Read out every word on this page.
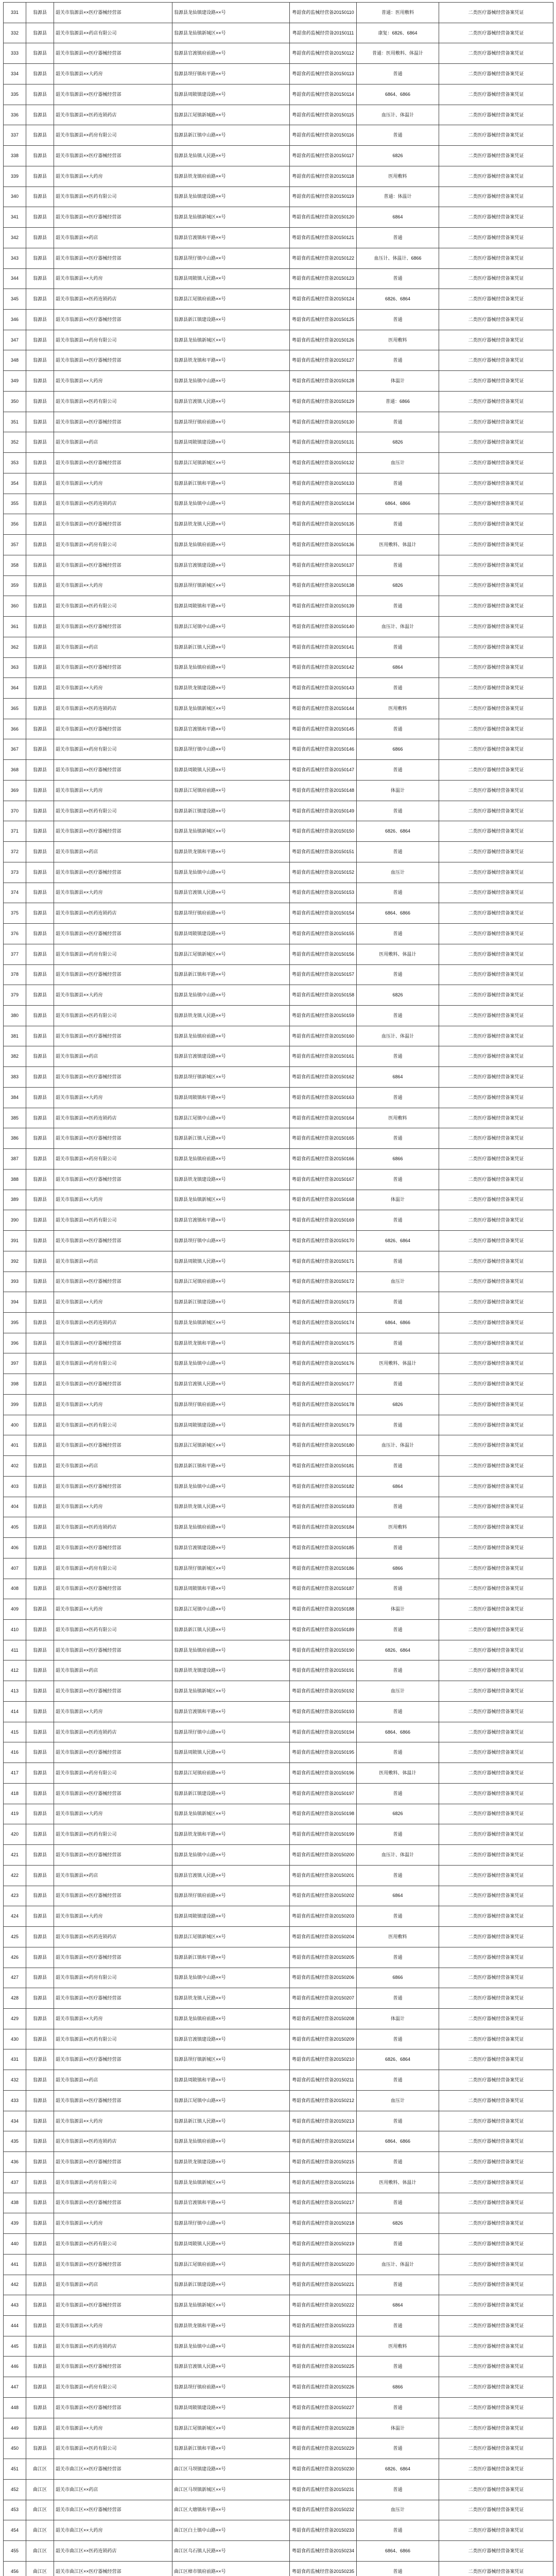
331	翁源县	韶关市翁源县××医疗器械经营部	翁源县龙仙镇建设路××号	粤韶食药监械经营备20150110	普通：医用敷料	二类医疗器械经营备案凭证
332	翁源县	韶关市翁源县××药店有限公司	翁源县龙仙镇新城区××号	粤韶食药监械经营备20150111	康复：6826、6864	二类医疗器械经营备案凭证
333	翁源县	韶关市翁源县××医疗器械经营部	翁源县官渡镇府前路××号	粤韶食药监械经营备20150112	普通：医用敷料、体温计	二类医疗器械经营备案凭证
334	翁源县	韶关市翁源县××大药房	翁源县坝仔镇和平路××号	粤韶食药监械经营备20150113	普通	二类医疗器械经营备案凭证
335	翁源县	韶关市翁源县××医疗器械经营部	翁源县周陂镇建设路××号	粤韶食药监械经营备20150114	6864、6866	二类医疗器械经营备案凭证
336	翁源县	韶关市翁源县××医药连锁药店	翁源县江尾镇新城路××号	粤韶食药监械经营备20150115	血压计、体温计	二类医疗器械经营备案凭证
337	翁源县	韶关市翁源县××药房有限公司	翁源县新江镇中山路××号	粤韶食药监械经营备20150116	普通	二类医疗器械经营备案凭证
338	翁源县	韶关市翁源县××医疗器械经营部	翁源县龙仙镇人民路××号	粤韶食药监械经营备20150117	6826	二类医疗器械经营备案凭证
339	翁源县	韶关市翁源县××大药房	翁源县铁龙镇府前路××号	粤韶食药监械经营备20150118	医用敷料	二类医疗器械经营备案凭证
340	翁源县	韶关市翁源县××医药有限公司	翁源县龙仙镇建设路××号	粤韶食药监械经营备20150119	普通：体温计	二类医疗器械经营备案凭证
341	翁源县	韶关市翁源县××医疗器械经营部	翁源县龙仙镇新城区××号	粤韶食药监械经营备20150120	6864	二类医疗器械经营备案凭证
342	翁源县	韶关市翁源县××药店	翁源县官渡镇和平路××号	粤韶食药监械经营备20150121	普通	二类医疗器械经营备案凭证
343	翁源县	韶关市翁源县××医疗器械经营部	翁源县坝仔镇中山路××号	粤韶食药监械经营备20150122	血压计、体温计、6866	二类医疗器械经营备案凭证
344	翁源县	韶关市翁源县××大药房	翁源县周陂镇人民路××号	粤韶食药监械经营备20150123	普通	二类医疗器械经营备案凭证
345	翁源县	韶关市翁源县××医药连锁药店	翁源县江尾镇府前路××号	粤韶食药监械经营备20150124	6826、6864	二类医疗器械经营备案凭证
346	翁源县	韶关市翁源县××医疗器械经营部	翁源县新江镇建设路××号	粤韶食药监械经营备20150125	普通	二类医疗器械经营备案凭证
347	翁源县	韶关市翁源县××药房有限公司	翁源县龙仙镇新城区××号	粤韶食药监械经营备20150126	医用敷料	二类医疗器械经营备案凭证
348	翁源县	韶关市翁源县××医疗器械经营部	翁源县铁龙镇和平路××号	粤韶食药监械经营备20150127	普通	二类医疗器械经营备案凭证
349	翁源县	韶关市翁源县××大药房	翁源县龙仙镇中山路××号	粤韶食药监械经营备20150128	体温计	二类医疗器械经营备案凭证
350	翁源县	韶关市翁源县××医药有限公司	翁源县官渡镇人民路××号	粤韶食药监械经营备20150129	普通：6866	二类医疗器械经营备案凭证
351	翁源县	韶关市翁源县××医疗器械经营部	翁源县坝仔镇府前路××号	粤韶食药监械经营备20150130	普通	二类医疗器械经营备案凭证
352	翁源县	韶关市翁源县××药店	翁源县周陂镇建设路××号	粤韶食药监械经营备20150131	6826	二类医疗器械经营备案凭证
353	翁源县	韶关市翁源县××医疗器械经营部	翁源县江尾镇新城区××号	粤韶食药监械经营备20150132	血压计	二类医疗器械经营备案凭证
354	翁源县	韶关市翁源县××大药房	翁源县新江镇和平路××号	粤韶食药监械经营备20150133	普通	二类医疗器械经营备案凭证
355	翁源县	韶关市翁源县××医药连锁药店	翁源县龙仙镇中山路××号	粤韶食药监械经营备20150134	6864、6866	二类医疗器械经营备案凭证
356	翁源县	韶关市翁源县××医疗器械经营部	翁源县铁龙镇人民路××号	粤韶食药监械经营备20150135	普通	二类医疗器械经营备案凭证
357	翁源县	韶关市翁源县××药房有限公司	翁源县龙仙镇府前路××号	粤韶食药监械经营备20150136	医用敷料、体温计	二类医疗器械经营备案凭证
358	翁源县	韶关市翁源县××医疗器械经营部	翁源县官渡镇建设路××号	粤韶食药监械经营备20150137	普通	二类医疗器械经营备案凭证
359	翁源县	韶关市翁源县××大药房	翁源县坝仔镇新城区××号	粤韶食药监械经营备20150138	6826	二类医疗器械经营备案凭证
360	翁源县	韶关市翁源县××医药有限公司	翁源县周陂镇和平路××号	粤韶食药监械经营备20150139	普通	二类医疗器械经营备案凭证
361	翁源县	韶关市翁源县××医疗器械经营部	翁源县江尾镇中山路××号	粤韶食药监械经营备20150140	血压计、体温计	二类医疗器械经营备案凭证
362	翁源县	韶关市翁源县××药店	翁源县新江镇人民路××号	粤韶食药监械经营备20150141	普通	二类医疗器械经营备案凭证
363	翁源县	韶关市翁源县××医疗器械经营部	翁源县龙仙镇府前路××号	粤韶食药监械经营备20150142	6864	二类医疗器械经营备案凭证
364	翁源县	韶关市翁源县××大药房	翁源县铁龙镇建设路××号	粤韶食药监械经营备20150143	普通	二类医疗器械经营备案凭证
365	翁源县	韶关市翁源县××医药连锁药店	翁源县龙仙镇新城区××号	粤韶食药监械经营备20150144	医用敷料	二类医疗器械经营备案凭证
366	翁源县	韶关市翁源县××医疗器械经营部	翁源县官渡镇和平路××号	粤韶食药监械经营备20150145	普通	二类医疗器械经营备案凭证
367	翁源县	韶关市翁源县××药房有限公司	翁源县坝仔镇中山路××号	粤韶食药监械经营备20150146	6866	二类医疗器械经营备案凭证
368	翁源县	韶关市翁源县××医疗器械经营部	翁源县周陂镇人民路××号	粤韶食药监械经营备20150147	普通	二类医疗器械经营备案凭证
369	翁源县	韶关市翁源县××大药房	翁源县江尾镇府前路××号	粤韶食药监械经营备20150148	体温计	二类医疗器械经营备案凭证
370	翁源县	韶关市翁源县××医药有限公司	翁源县新江镇建设路××号	粤韶食药监械经营备20150149	普通	二类医疗器械经营备案凭证
371	翁源县	韶关市翁源县××医疗器械经营部	翁源县龙仙镇新城区××号	粤韶食药监械经营备20150150	6826、6864	二类医疗器械经营备案凭证
372	翁源县	韶关市翁源县××药店	翁源县铁龙镇和平路××号	粤韶食药监械经营备20150151	普通	二类医疗器械经营备案凭证
373	翁源县	韶关市翁源县××医疗器械经营部	翁源县龙仙镇中山路××号	粤韶食药监械经营备20150152	血压计	二类医疗器械经营备案凭证
374	翁源县	韶关市翁源县××大药房	翁源县官渡镇人民路××号	粤韶食药监械经营备20150153	普通	二类医疗器械经营备案凭证
375	翁源县	韶关市翁源县××医药连锁药店	翁源县坝仔镇府前路××号	粤韶食药监械经营备20150154	6864、6866	二类医疗器械经营备案凭证
376	翁源县	韶关市翁源县××医疗器械经营部	翁源县周陂镇建设路××号	粤韶食药监械经营备20150155	普通	二类医疗器械经营备案凭证
377	翁源县	韶关市翁源县××药房有限公司	翁源县江尾镇新城区××号	粤韶食药监械经营备20150156	医用敷料、体温计	二类医疗器械经营备案凭证
378	翁源县	韶关市翁源县××医疗器械经营部	翁源县新江镇和平路××号	粤韶食药监械经营备20150157	普通	二类医疗器械经营备案凭证
379	翁源县	韶关市翁源县××大药房	翁源县龙仙镇中山路××号	粤韶食药监械经营备20150158	6826	二类医疗器械经营备案凭证
380	翁源县	韶关市翁源县××医药有限公司	翁源县铁龙镇人民路××号	粤韶食药监械经营备20150159	普通	二类医疗器械经营备案凭证
381	翁源县	韶关市翁源县××医疗器械经营部	翁源县龙仙镇府前路××号	粤韶食药监械经营备20150160	血压计、体温计	二类医疗器械经营备案凭证
382	翁源县	韶关市翁源县××药店	翁源县官渡镇建设路××号	粤韶食药监械经营备20150161	普通	二类医疗器械经营备案凭证
383	翁源县	韶关市翁源县××医疗器械经营部	翁源县坝仔镇新城区××号	粤韶食药监械经营备20150162	6864	二类医疗器械经营备案凭证
384	翁源县	韶关市翁源县××大药房	翁源县周陂镇和平路××号	粤韶食药监械经营备20150163	普通	二类医疗器械经营备案凭证
385	翁源县	韶关市翁源县××医药连锁药店	翁源县江尾镇中山路××号	粤韶食药监械经营备20150164	医用敷料	二类医疗器械经营备案凭证
386	翁源县	韶关市翁源县××医疗器械经营部	翁源县新江镇人民路××号	粤韶食药监械经营备20150165	普通	二类医疗器械经营备案凭证
387	翁源县	韶关市翁源县××药房有限公司	翁源县龙仙镇府前路××号	粤韶食药监械经营备20150166	6866	二类医疗器械经营备案凭证
388	翁源县	韶关市翁源县××医疗器械经营部	翁源县铁龙镇建设路××号	粤韶食药监械经营备20150167	普通	二类医疗器械经营备案凭证
389	翁源县	韶关市翁源县××大药房	翁源县龙仙镇新城区××号	粤韶食药监械经营备20150168	体温计	二类医疗器械经营备案凭证
390	翁源县	韶关市翁源县××医药有限公司	翁源县官渡镇和平路××号	粤韶食药监械经营备20150169	普通	二类医疗器械经营备案凭证
391	翁源县	韶关市翁源县××医疗器械经营部	翁源县坝仔镇中山路××号	粤韶食药监械经营备20150170	6826、6864	二类医疗器械经营备案凭证
392	翁源县	韶关市翁源县××药店	翁源县周陂镇人民路××号	粤韶食药监械经营备20150171	普通	二类医疗器械经营备案凭证
393	翁源县	韶关市翁源县××医疗器械经营部	翁源县江尾镇府前路××号	粤韶食药监械经营备20150172	血压计	二类医疗器械经营备案凭证
394	翁源县	韶关市翁源县××大药房	翁源县新江镇建设路××号	粤韶食药监械经营备20150173	普通	二类医疗器械经营备案凭证
395	翁源县	韶关市翁源县××医药连锁药店	翁源县龙仙镇新城区××号	粤韶食药监械经营备20150174	6864、6866	二类医疗器械经营备案凭证
396	翁源县	韶关市翁源县××医疗器械经营部	翁源县铁龙镇和平路××号	粤韶食药监械经营备20150175	普通	二类医疗器械经营备案凭证
397	翁源县	韶关市翁源县××药房有限公司	翁源县龙仙镇中山路××号	粤韶食药监械经营备20150176	医用敷料、体温计	二类医疗器械经营备案凭证
398	翁源县	韶关市翁源县××医疗器械经营部	翁源县官渡镇人民路××号	粤韶食药监械经营备20150177	普通	二类医疗器械经营备案凭证
399	翁源县	韶关市翁源县××大药房	翁源县坝仔镇府前路××号	粤韶食药监械经营备20150178	6826	二类医疗器械经营备案凭证
400	翁源县	韶关市翁源县××医药有限公司	翁源县周陂镇建设路××号	粤韶食药监械经营备20150179	普通	二类医疗器械经营备案凭证
401	翁源县	韶关市翁源县××医疗器械经营部	翁源县江尾镇新城区××号	粤韶食药监械经营备20150180	血压计、体温计	二类医疗器械经营备案凭证
402	翁源县	韶关市翁源县××药店	翁源县新江镇和平路××号	粤韶食药监械经营备20150181	普通	二类医疗器械经营备案凭证
403	翁源县	韶关市翁源县××医疗器械经营部	翁源县龙仙镇中山路××号	粤韶食药监械经营备20150182	6864	二类医疗器械经营备案凭证
404	翁源县	韶关市翁源县××大药房	翁源县铁龙镇人民路××号	粤韶食药监械经营备20150183	普通	二类医疗器械经营备案凭证
405	翁源县	韶关市翁源县××医药连锁药店	翁源县龙仙镇府前路××号	粤韶食药监械经营备20150184	医用敷料	二类医疗器械经营备案凭证
406	翁源县	韶关市翁源县××医疗器械经营部	翁源县官渡镇建设路××号	粤韶食药监械经营备20150185	普通	二类医疗器械经营备案凭证
407	翁源县	韶关市翁源县××药房有限公司	翁源县坝仔镇新城区××号	粤韶食药监械经营备20150186	6866	二类医疗器械经营备案凭证
408	翁源县	韶关市翁源县××医疗器械经营部	翁源县周陂镇和平路××号	粤韶食药监械经营备20150187	普通	二类医疗器械经营备案凭证
409	翁源县	韶关市翁源县××大药房	翁源县江尾镇中山路××号	粤韶食药监械经营备20150188	体温计	二类医疗器械经营备案凭证
410	翁源县	韶关市翁源县××医药有限公司	翁源县新江镇人民路××号	粤韶食药监械经营备20150189	普通	二类医疗器械经营备案凭证
411	翁源县	韶关市翁源县××医疗器械经营部	翁源县龙仙镇府前路××号	粤韶食药监械经营备20150190	6826、6864	二类医疗器械经营备案凭证
412	翁源县	韶关市翁源县××药店	翁源县铁龙镇建设路××号	粤韶食药监械经营备20150191	普通	二类医疗器械经营备案凭证
413	翁源县	韶关市翁源县××医疗器械经营部	翁源县龙仙镇新城区××号	粤韶食药监械经营备20150192	血压计	二类医疗器械经营备案凭证
414	翁源县	韶关市翁源县××大药房	翁源县官渡镇和平路××号	粤韶食药监械经营备20150193	普通	二类医疗器械经营备案凭证
415	翁源县	韶关市翁源县××医药连锁药店	翁源县坝仔镇中山路××号	粤韶食药监械经营备20150194	6864、6866	二类医疗器械经营备案凭证
416	翁源县	韶关市翁源县××医疗器械经营部	翁源县周陂镇人民路××号	粤韶食药监械经营备20150195	普通	二类医疗器械经营备案凭证
417	翁源县	韶关市翁源县××药房有限公司	翁源县江尾镇府前路××号	粤韶食药监械经营备20150196	医用敷料、体温计	二类医疗器械经营备案凭证
418	翁源县	韶关市翁源县××医疗器械经营部	翁源县新江镇建设路××号	粤韶食药监械经营备20150197	普通	二类医疗器械经营备案凭证
419	翁源县	韶关市翁源县××大药房	翁源县龙仙镇新城区××号	粤韶食药监械经营备20150198	6826	二类医疗器械经营备案凭证
420	翁源县	韶关市翁源县××医药有限公司	翁源县铁龙镇和平路××号	粤韶食药监械经营备20150199	普通	二类医疗器械经营备案凭证
421	翁源县	韶关市翁源县××医疗器械经营部	翁源县龙仙镇中山路××号	粤韶食药监械经营备20150200	血压计、体温计	二类医疗器械经营备案凭证
422	翁源县	韶关市翁源县××药店	翁源县官渡镇人民路××号	粤韶食药监械经营备20150201	普通	二类医疗器械经营备案凭证
423	翁源县	韶关市翁源县××医疗器械经营部	翁源县坝仔镇府前路××号	粤韶食药监械经营备20150202	6864	二类医疗器械经营备案凭证
424	翁源县	韶关市翁源县××大药房	翁源县周陂镇建设路××号	粤韶食药监械经营备20150203	普通	二类医疗器械经营备案凭证
425	翁源县	韶关市翁源县××医药连锁药店	翁源县江尾镇新城区××号	粤韶食药监械经营备20150204	医用敷料	二类医疗器械经营备案凭证
426	翁源县	韶关市翁源县××医疗器械经营部	翁源县新江镇和平路××号	粤韶食药监械经营备20150205	普通	二类医疗器械经营备案凭证
427	翁源县	韶关市翁源县××药房有限公司	翁源县龙仙镇中山路××号	粤韶食药监械经营备20150206	6866	二类医疗器械经营备案凭证
428	翁源县	韶关市翁源县××医疗器械经营部	翁源县铁龙镇人民路××号	粤韶食药监械经营备20150207	普通	二类医疗器械经营备案凭证
429	翁源县	韶关市翁源县××大药房	翁源县龙仙镇府前路××号	粤韶食药监械经营备20150208	体温计	二类医疗器械经营备案凭证
430	翁源县	韶关市翁源县××医药有限公司	翁源县官渡镇建设路××号	粤韶食药监械经营备20150209	普通	二类医疗器械经营备案凭证
431	翁源县	韶关市翁源县××医疗器械经营部	翁源县坝仔镇新城区××号	粤韶食药监械经营备20150210	6826、6864	二类医疗器械经营备案凭证
432	翁源县	韶关市翁源县××药店	翁源县周陂镇和平路××号	粤韶食药监械经营备20150211	普通	二类医疗器械经营备案凭证
433	翁源县	韶关市翁源县××医疗器械经营部	翁源县江尾镇中山路××号	粤韶食药监械经营备20150212	血压计	二类医疗器械经营备案凭证
434	翁源县	韶关市翁源县××大药房	翁源县新江镇人民路××号	粤韶食药监械经营备20150213	普通	二类医疗器械经营备案凭证
435	翁源县	韶关市翁源县××医药连锁药店	翁源县龙仙镇府前路××号	粤韶食药监械经营备20150214	6864、6866	二类医疗器械经营备案凭证
436	翁源县	韶关市翁源县××医疗器械经营部	翁源县铁龙镇建设路××号	粤韶食药监械经营备20150215	普通	二类医疗器械经营备案凭证
437	翁源县	韶关市翁源县××药房有限公司	翁源县龙仙镇新城区××号	粤韶食药监械经营备20150216	医用敷料、体温计	二类医疗器械经营备案凭证
438	翁源县	韶关市翁源县××医疗器械经营部	翁源县官渡镇和平路××号	粤韶食药监械经营备20150217	普通	二类医疗器械经营备案凭证
439	翁源县	韶关市翁源县××大药房	翁源县坝仔镇中山路××号	粤韶食药监械经营备20150218	6826	二类医疗器械经营备案凭证
440	翁源县	韶关市翁源县××医药有限公司	翁源县周陂镇人民路××号	粤韶食药监械经营备20150219	普通	二类医疗器械经营备案凭证
441	翁源县	韶关市翁源县××医疗器械经营部	翁源县江尾镇府前路××号	粤韶食药监械经营备20150220	血压计、体温计	二类医疗器械经营备案凭证
442	翁源县	韶关市翁源县××药店	翁源县新江镇建设路××号	粤韶食药监械经营备20150221	普通	二类医疗器械经营备案凭证
443	翁源县	韶关市翁源县××医疗器械经营部	翁源县龙仙镇新城区××号	粤韶食药监械经营备20150222	6864	二类医疗器械经营备案凭证
444	翁源县	韶关市翁源县××大药房	翁源县铁龙镇和平路××号	粤韶食药监械经营备20150223	普通	二类医疗器械经营备案凭证
445	翁源县	韶关市翁源县××医药连锁药店	翁源县龙仙镇中山路××号	粤韶食药监械经营备20150224	医用敷料	二类医疗器械经营备案凭证
446	翁源县	韶关市翁源县××医疗器械经营部	翁源县官渡镇人民路××号	粤韶食药监械经营备20150225	普通	二类医疗器械经营备案凭证
447	翁源县	韶关市翁源县××药房有限公司	翁源县坝仔镇府前路××号	粤韶食药监械经营备20150226	6866	二类医疗器械经营备案凭证
448	翁源县	韶关市翁源县××医疗器械经营部	翁源县周陂镇建设路××号	粤韶食药监械经营备20150227	普通	二类医疗器械经营备案凭证
449	翁源县	韶关市翁源县××大药房	翁源县江尾镇新城区××号	粤韶食药监械经营备20150228	体温计	二类医疗器械经营备案凭证
450	翁源县	韶关市翁源县××医药有限公司	翁源县新江镇和平路××号	粤韶食药监械经营备20150229	普通	二类医疗器械经营备案凭证
451	曲江区	韶关市曲江区××医疗器械经营部	曲江区马坝镇建设路××号	粤韶食药监械经营备20150230	6826、6864	二类医疗器械经营备案凭证
452	曲江区	韶关市曲江区××药店	曲江区马坝镇新城区××号	粤韶食药监械经营备20150231	普通	二类医疗器械经营备案凭证
453	曲江区	韶关市曲江区××医疗器械经营部	曲江区大塘镇和平路××号	粤韶食药监械经营备20150232	血压计	二类医疗器械经营备案凭证
454	曲江区	韶关市曲江区××大药房	曲江区白土镇中山路××号	粤韶食药监械经营备20150233	普通	二类医疗器械经营备案凭证
455	曲江区	韶关市曲江区××医药连锁药店	曲江区乌石镇人民路××号	粤韶食药监械经营备20150234	6864、6866	二类医疗器械经营备案凭证
456	曲江区	韶关市曲江区××医疗器械经营部	曲江区樟市镇府前路××号	粤韶食药监械经营备20150235	普通	二类医疗器械经营备案凭证
